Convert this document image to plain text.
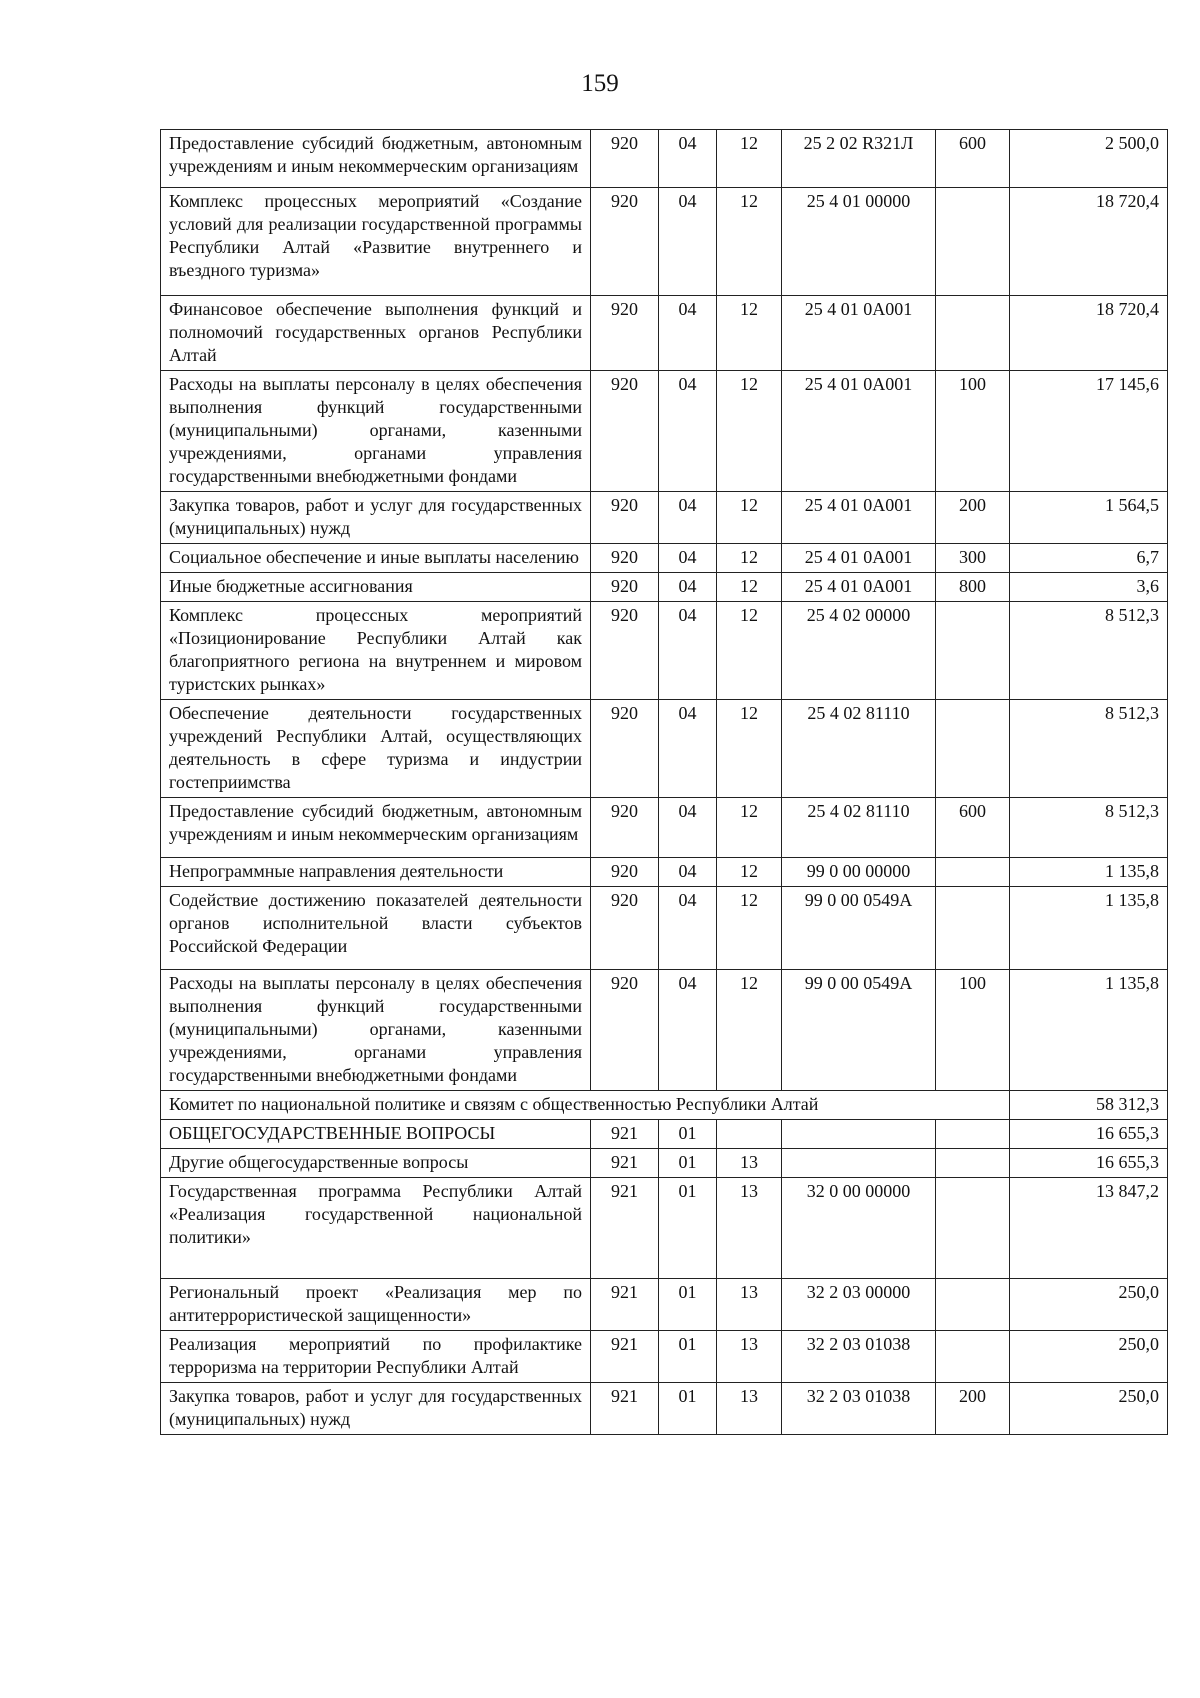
159
Предоставление субсидий бюджетным, автономным учреждениям и иным некоммерческим организациям	920	04	12	25 2 02 R321Л	600	2 500,0
Комплекс процессных мероприятий «Создание условий для реализации государственной программы Республики Алтай «Развитие внутреннего и въездного туризма»	920	04	12	25 4 01 00000		18 720,4
Финансовое обеспечение выполнения функций и полномочий государственных органов Республики Алтай	920	04	12	25 4 01 0А001		18 720,4
Расходы на выплаты персоналу в целях обеспечения выполнения функций государственными (муниципальными) органами, казенными учреждениями, органами управления государственными внебюджетными фондами	920	04	12	25 4 01 0А001	100	17 145,6
Закупка товаров, работ и услуг для государственных (муниципальных) нужд	920	04	12	25 4 01 0А001	200	1 564,5
Социальное обеспечение и иные выплаты населению	920	04	12	25 4 01 0А001	300	6,7
Иные бюджетные ассигнования	920	04	12	25 4 01 0А001	800	3,6
Комплекс процессных мероприятий «Позиционирование Республики Алтай как благоприятного региона на внутреннем и мировом туристских рынках»	920	04	12	25 4 02 00000		8 512,3
Обеспечение деятельности государственных учреждений Республики Алтай, осуществляющих деятельность в сфере туризма и индустрии гостеприимства	920	04	12	25 4 02 81110		8 512,3
Предоставление субсидий бюджетным, автономным учреждениям и иным некоммерческим организациям	920	04	12	25 4 02 81110	600	8 512,3
Непрограммные направления деятельности	920	04	12	99 0 00 00000		1 135,8
Содействие достижению показателей деятельности органов исполнительной власти субъектов Российской Федерации	920	04	12	99 0 00 0549А		1 135,8
Расходы на выплаты персоналу в целях обеспечения выполнения функций государственными (муниципальными) органами, казенными учреждениями, органами управления государственными внебюджетными фондами	920	04	12	99 0 00 0549А	100	1 135,8
Комитет по национальной политике и связям с общественностью Республики Алтай						58 312,3
ОБЩЕГОСУДАРСТВЕННЫЕ ВОПРОСЫ	921	01				16 655,3
Другие общегосударственные вопросы	921	01	13			16 655,3
Государственная программа Республики Алтай «Реализация государственной национальной политики»	921	01	13	32 0 00 00000		13 847,2
Региональный проект «Реализация мер по антитеррористической защищенности»	921	01	13	32 2 03 00000		250,0
Реализация мероприятий по профилактике терроризма на территории Республики Алтай	921	01	13	32 2 03 01038		250,0
Закупка товаров, работ и услуг для государственных (муниципальных) нужд	921	01	13	32 2 03 01038	200	250,0
